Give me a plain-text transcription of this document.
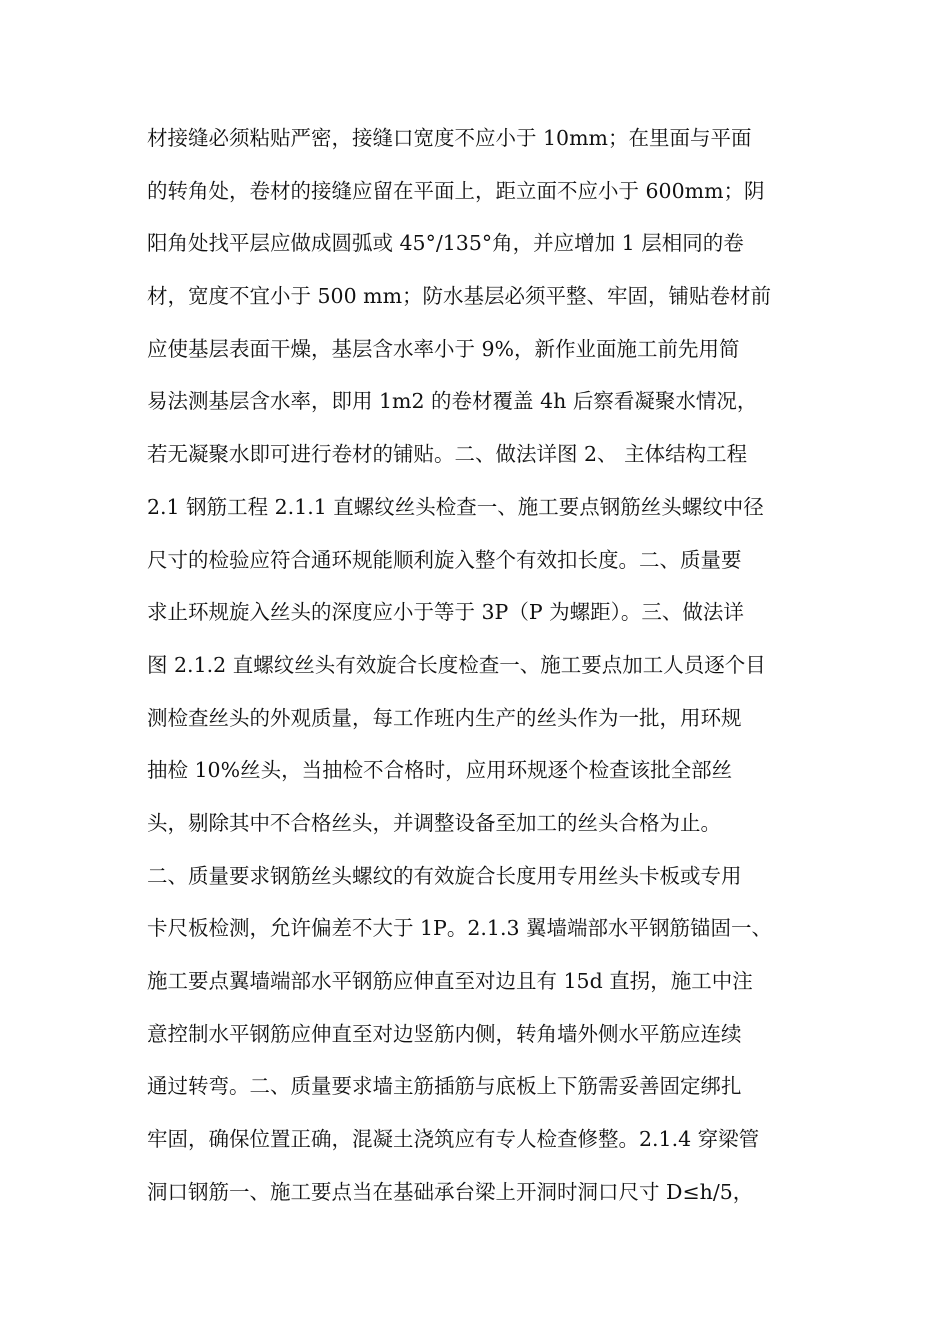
材接缝必须粘贴严密，接缝口宽度不应小于 10mm；在里面与平面
的转角处，卷材的接缝应留在平面上，距立面不应小于 600mm；阴
阳角处找平层应做成圆弧或 45°/135°角，并应增加 1 层相同的卷
材，宽度不宜小于 500 mm；防水基层必须平整、牢固，铺贴卷材前
应使基层表面干燥，基层含水率小于 9%，新作业面施工前先用简
易法测基层含水率，即用 1m2 的卷材覆盖 4h 后察看凝聚水情况，
若无凝聚水即可进行卷材的铺贴。二、做法详图 2、 主体结构工程
2.1 钢筋工程 2.1.1 直螺纹丝头检查一、施工要点钢筋丝头螺纹中径
尺寸的检验应符合通环规能顺利旋入整个有效扣长度。二、质量要
求止环规旋入丝头的深度应小于等于 3P（P 为螺距）。三、做法详
图 2.1.2 直螺纹丝头有效旋合长度检查一、施工要点加工人员逐个目
测检查丝头的外观质量，每工作班内生产的丝头作为一批，用环规
抽检 10%丝头，当抽检不合格时，应用环规逐个检查该批全部丝
头，剔除其中不合格丝头，并调整设备至加工的丝头合格为止。
二、质量要求钢筋丝头螺纹的有效旋合长度用专用丝头卡板或专用
卡尺板检测，允许偏差不大于 1P。2.1.3 翼墙端部水平钢筋锚固一、
施工要点翼墙端部水平钢筋应伸直至对边且有 15d 直拐，施工中注
意控制水平钢筋应伸直至对边竖筋内侧，转角墙外侧水平筋应连续
通过转弯。二、质量要求墙主筋插筋与底板上下筋需妥善固定绑扎
牢固，确保位置正确，混凝土浇筑应有专人检查修整。2.1.4 穿梁管
洞口钢筋一、施工要点当在基础承台梁上开洞时洞口尺寸 D≤h/5，
